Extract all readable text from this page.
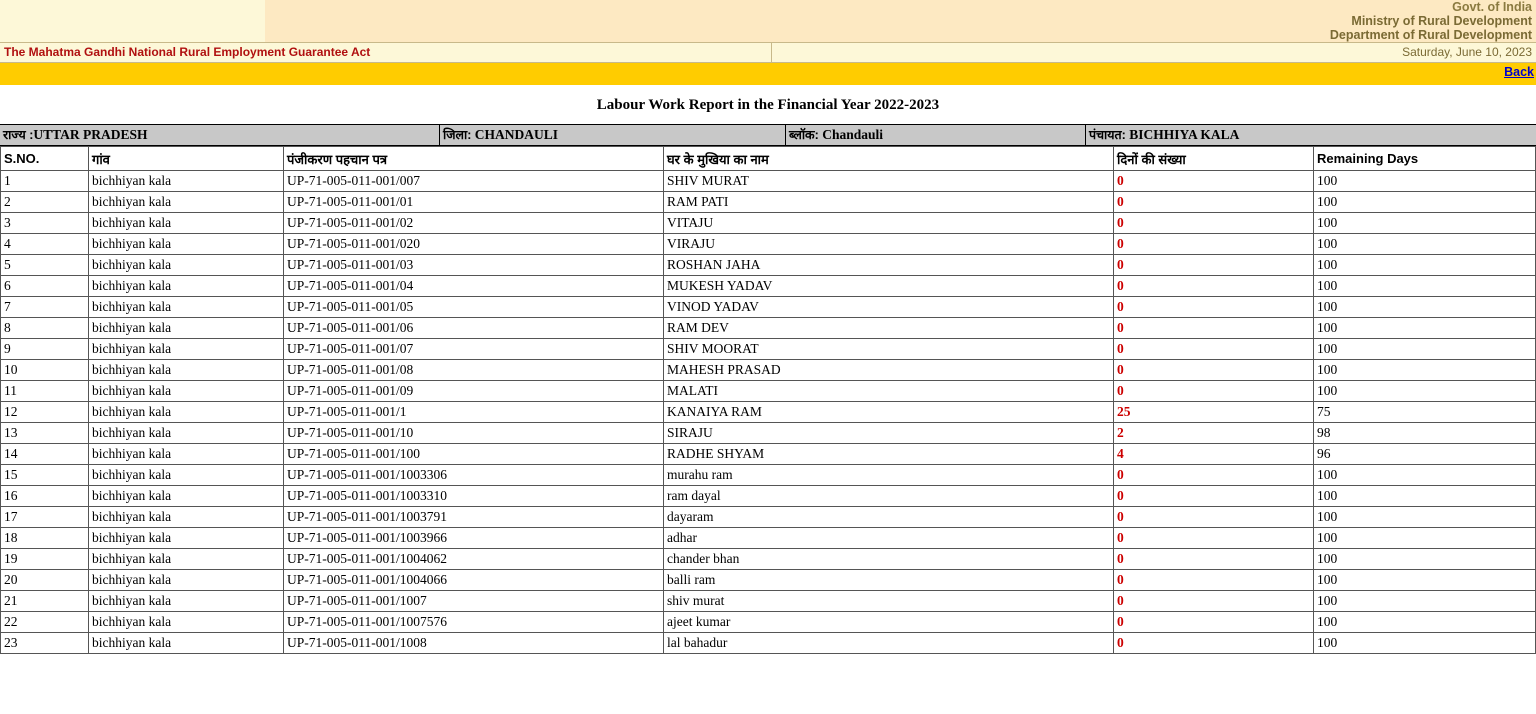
Govt. of India
Ministry of Rural Development
Department of Rural Development
The Mahatma Gandhi National Rural Employment Guarantee Act	Saturday, June 10, 2023
Back
Labour Work Report in the Financial Year 2022-2023
राज्य :UTTAR PRADESH	जिला: CHANDAULI	ब्लॉक: Chandauli	पंचायत: BICHHIYA KALA
S.NO.	गांव	पंजीकरण पहचान पत्र	घर के मुखिया का नाम	दिनों की संख्या	Remaining Days
1	bichhiyan kala	UP-71-005-011-001/007	SHIV MURAT	0	100
2	bichhiyan kala	UP-71-005-011-001/01	RAM PATI	0	100
3	bichhiyan kala	UP-71-005-011-001/02	VITAJU	0	100
4	bichhiyan kala	UP-71-005-011-001/020	VIRAJU	0	100
5	bichhiyan kala	UP-71-005-011-001/03	ROSHAN JAHA	0	100
6	bichhiyan kala	UP-71-005-011-001/04	MUKESH YADAV	0	100
7	bichhiyan kala	UP-71-005-011-001/05	VINOD YADAV	0	100
8	bichhiyan kala	UP-71-005-011-001/06	RAM DEV	0	100
9	bichhiyan kala	UP-71-005-011-001/07	SHIV MOORAT	0	100
10	bichhiyan kala	UP-71-005-011-001/08	MAHESH PRASAD	0	100
11	bichhiyan kala	UP-71-005-011-001/09	MALATI	0	100
12	bichhiyan kala	UP-71-005-011-001/1	KANAIYA RAM	25	75
13	bichhiyan kala	UP-71-005-011-001/10	SIRAJU	2	98
14	bichhiyan kala	UP-71-005-011-001/100	RADHE SHYAM	4	96
15	bichhiyan kala	UP-71-005-011-001/1003306	murahu ram	0	100
16	bichhiyan kala	UP-71-005-011-001/1003310	ram dayal	0	100
17	bichhiyan kala	UP-71-005-011-001/1003791	dayaram	0	100
18	bichhiyan kala	UP-71-005-011-001/1003966	adhar	0	100
19	bichhiyan kala	UP-71-005-011-001/1004062	chander bhan	0	100
20	bichhiyan kala	UP-71-005-011-001/1004066	balli ram	0	100
21	bichhiyan kala	UP-71-005-011-001/1007	shiv murat	0	100
22	bichhiyan kala	UP-71-005-011-001/1007576	ajeet kumar	0	100
23	bichhiyan kala	UP-71-005-011-001/1008	lal bahadur	0	100
